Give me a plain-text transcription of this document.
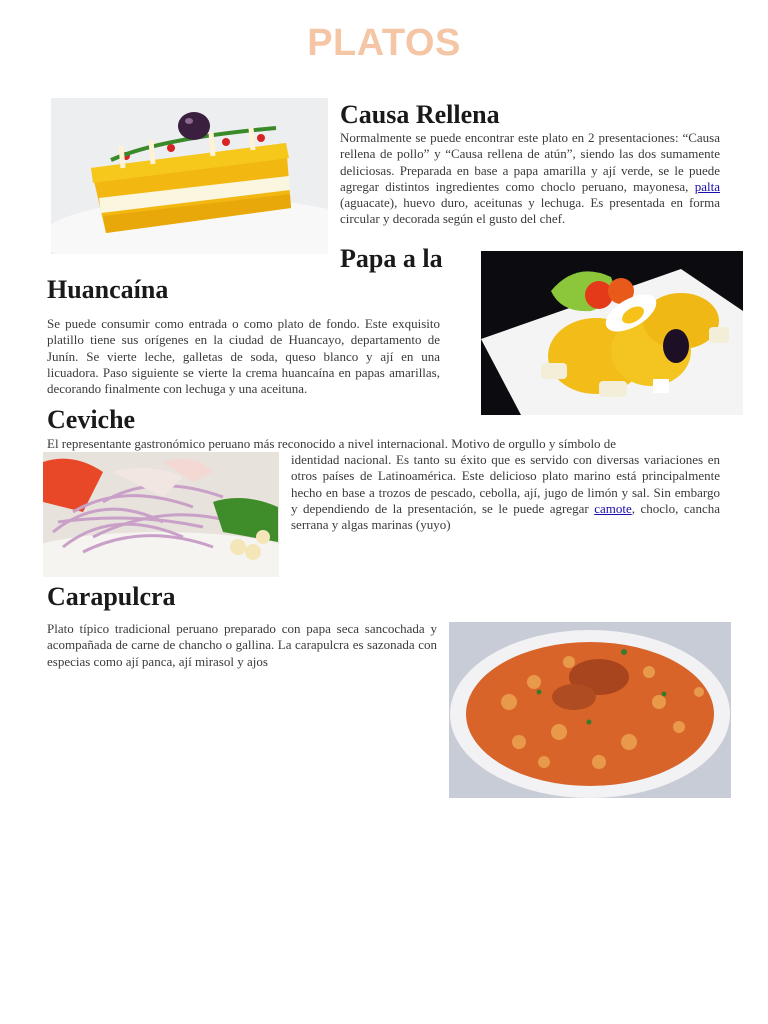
PLATOS
Causa Rellena

Normalmente se puede encontrar este plato en 2 presentaciones: “Causa rellena de pollo” y “Causa rellena de atún”, siendo las dos sumamente deliciosas. Preparada en base a papa amarilla y ají verde, se le puede agregar distintos ingredientes como choclo peruano, mayonesa, palta (aguacate), huevo duro, aceitunas y lechuga. Es presentada en forma circular y decorada según el gusto del chef.

Papa a la
Huancaína

Se puede consumir como entrada o como plato de fondo. Este exquisito platillo tiene sus orígenes en la ciudad de Huancayo, departamento de Junín. Se vierte leche, galletas de soda, queso blanco y ají en una licuadora. Paso siguiente se vierte la crema huancaína en papas amarillas, decorando finalmente con lechuga y una aceituna.

Ceviche

El representante gastronómico peruano más reconocido a nivel internacional. Motivo de orgullo y símbolo de

identidad nacional. Es tanto su éxito que es servido con diversas variaciones en otros países de Latinoamérica. Este delicioso plato marino está principalmente hecho en base a trozos de pescado, cebolla, ají, jugo de limón y sal. Sin embargo y dependiendo de la presentación, se le puede agregar camote, choclo, cancha serrana y algas marinas (yuyo)

Carapulcra

Plato típico tradicional peruano preparado con papa seca sancochada y acompañada de carne de chancho o gallina. La carapulcra es sazonada con especias como ají panca, ají mirasol y ajos
